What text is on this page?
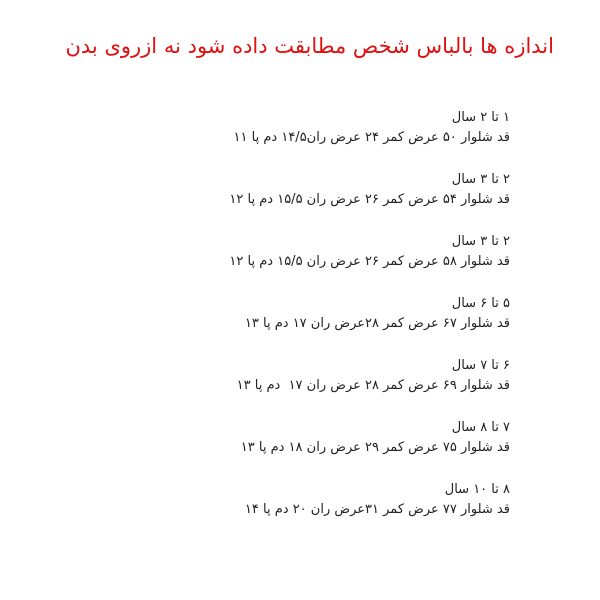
اندازه ها بالباس شخص مطابقت داده شود نه ازروی بدن
۱ تا ۲ سال
قد شلوار ۵۰ عرض کمر ۲۴ عرض ران۱۴/۵ دم پا ۱۱
۲ تا ۳ سال
قد شلوار ۵۴ عرض کمر ۲۶ عرض ران ۱۵/۵ دم پا ۱۲
۲ تا ۳ سال
قد شلوار ۵۸ عرض کمر ۲۶ عرض ران ۱۵/۵ دم پا ۱۲
۵ تا ۶ سال
قد شلوار ۶۷ عرض کمر ۲۸عرض ران ۱۷ دم پا ۱۳
۶ تا ۷ سال
قد شلوار ۶۹ عرض کمر ۲۸ عرض ران ۱۷  دم پا ۱۳
۷ تا ۸ سال
قد شلوار ۷۵ عرض کمر ۲۹ عرض ران ۱۸ دم پا ۱۳
۸ تا ۱۰ سال
قد شلوار ۷۷ عرض کمر ۳۱عرض ران ۲۰ دم پا ۱۴
